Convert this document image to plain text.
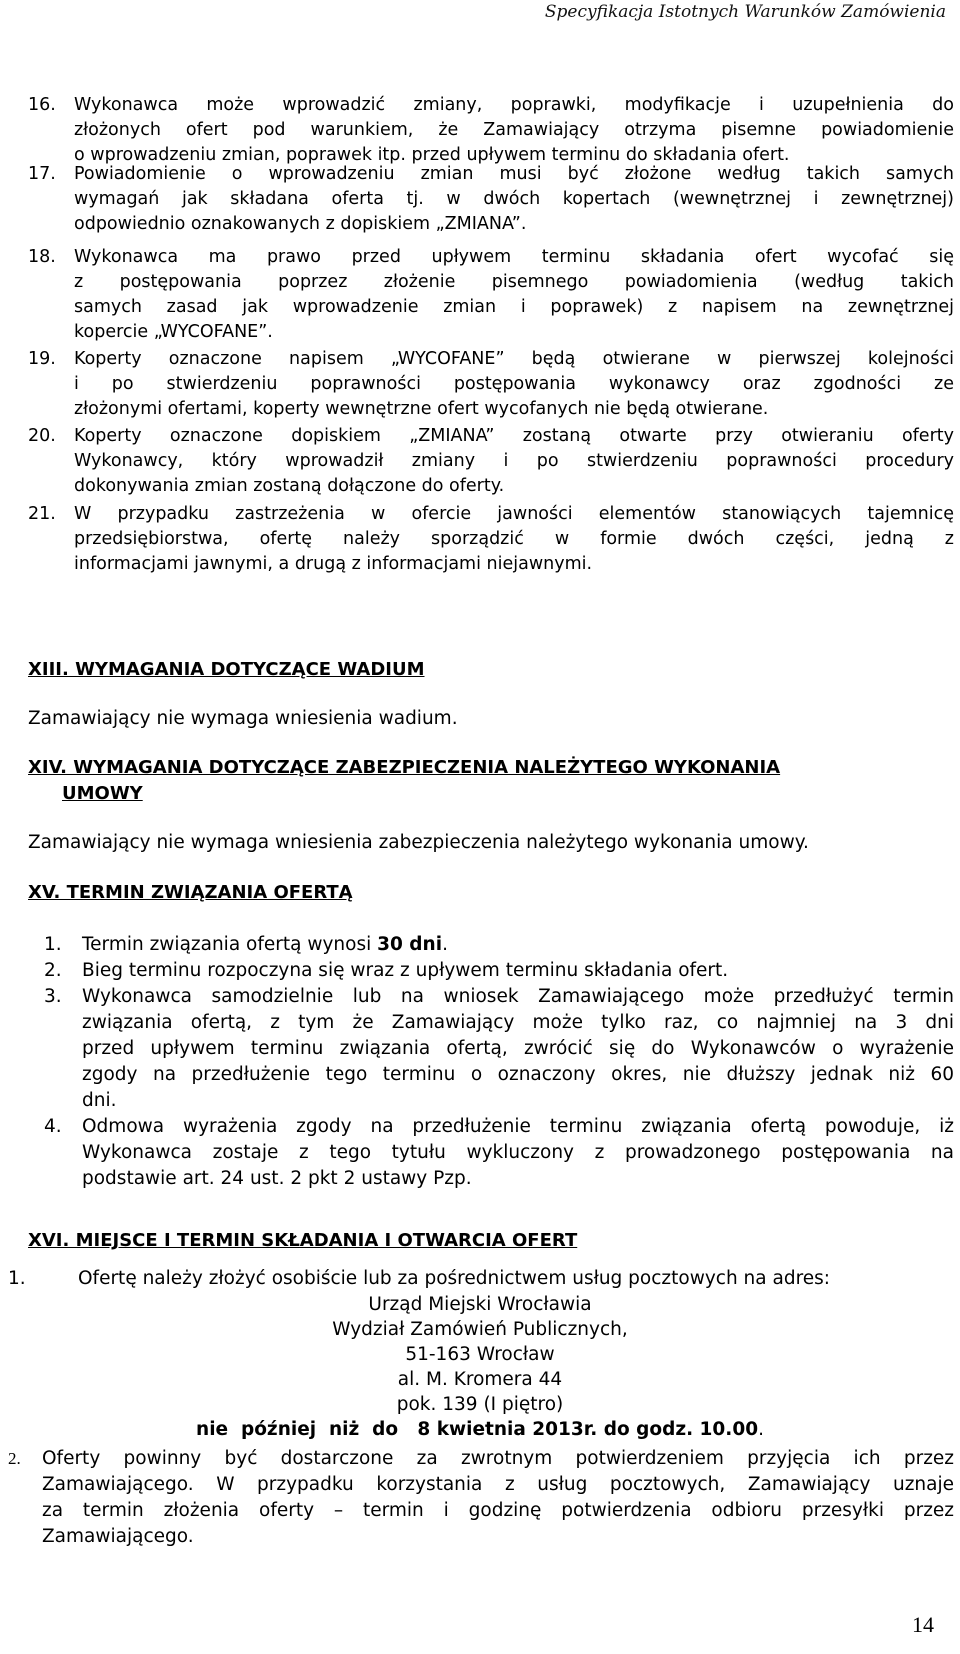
Specyfikacja Istotnych Warunków Zamówienia
16. Wykonawca może wprowadzić zmiany, poprawki, modyfikacje i uzupełnienia do
złożonych ofert pod warunkiem, że Zamawiający otrzyma pisemne powiadomienie
o wprowadzeniu zmian, poprawek itp. przed upływem terminu do składania ofert.
17. Powiadomienie o wprowadzeniu zmian musi być złożone według takich samych
wymagań jak składana oferta tj. w dwóch kopertach (wewnętrznej i zewnętrznej)
odpowiednio oznakowanych z dopiskiem „ZMIANA”.
18. Wykonawca ma prawo przed upływem terminu składania ofert wycofać się
z postępowania poprzez złożenie pisemnego powiadomienia (według takich
samych zasad jak wprowadzenie zmian i poprawek) z napisem na zewnętrznej
kopercie „WYCOFANE”.
19. Koperty oznaczone napisem „WYCOFANE” będą otwierane w pierwszej kolejności
i po stwierdzeniu poprawności postępowania wykonawcy oraz zgodności ze
złożonymi ofertami, koperty wewnętrzne ofert wycofanych nie będą otwierane.
20. Koperty oznaczone dopiskiem „ZMIANA” zostaną otwarte przy otwieraniu oferty
Wykonawcy, który wprowadził zmiany i po stwierdzeniu poprawności procedury
dokonywania zmian zostaną dołączone do oferty.
21. W przypadku zastrzeżenia w ofercie jawności elementów stanowiących tajemnicę
przedsiębiorstwa, ofertę należy sporządzić w formie dwóch części, jedną z
informacjami jawnymi, a drugą z informacjami niejawnymi.
XIII. WYMAGANIA DOTYCZĄCE WADIUM
Zamawiający nie wymaga wniesienia wadium.
XIV. WYMAGANIA DOTYCZĄCE ZABEZPIECZENIA NALEŻYTEGO WYKONANIA
UMOWY
Zamawiający nie wymaga wniesienia zabezpieczenia należytego wykonania umowy.
XV. TERMIN ZWIĄZANIA OFERTĄ
1. Termin związania ofertą wynosi 30 dni.
2. Bieg terminu rozpoczyna się wraz z upływem terminu składania ofert.
3. Wykonawca samodzielnie lub na wniosek Zamawiającego może przedłużyć termin
związania ofertą, z tym że Zamawiający może tylko raz, co najmniej na 3 dni
przed upływem terminu związania ofertą, zwrócić się do Wykonawców o wyrażenie
zgody na przedłużenie tego terminu o oznaczony okres, nie dłuższy jednak niż 60
dni.
4. Odmowa wyrażenia zgody na przedłużenie terminu związania ofertą powoduje, iż
Wykonawca zostaje z tego tytułu wykluczony z prowadzonego postępowania na
podstawie art. 24 ust. 2 pkt 2 ustawy Pzp.
XVI. MIEJSCE I TERMIN SKŁADANIA I OTWARCIA OFERT
1.	Ofertę należy złożyć osobiście lub za pośrednictwem usług pocztowych na adres:
Urząd Miejski Wrocławia
Wydział Zamówień Publicznych,
51-163 Wrocław
al. M. Kromera 44
pok. 139 (I piętro)
nie  później  niż  do   8 kwietnia 2013r. do godz. 10.00.
2. Oferty powinny być dostarczone za zwrotnym potwierdzeniem przyjęcia ich przez
Zamawiającego. W przypadku korzystania z usług pocztowych, Zamawiający uznaje
za termin złożenia oferty – termin i godzinę potwierdzenia odbioru przesyłki przez
Zamawiającego.
14
